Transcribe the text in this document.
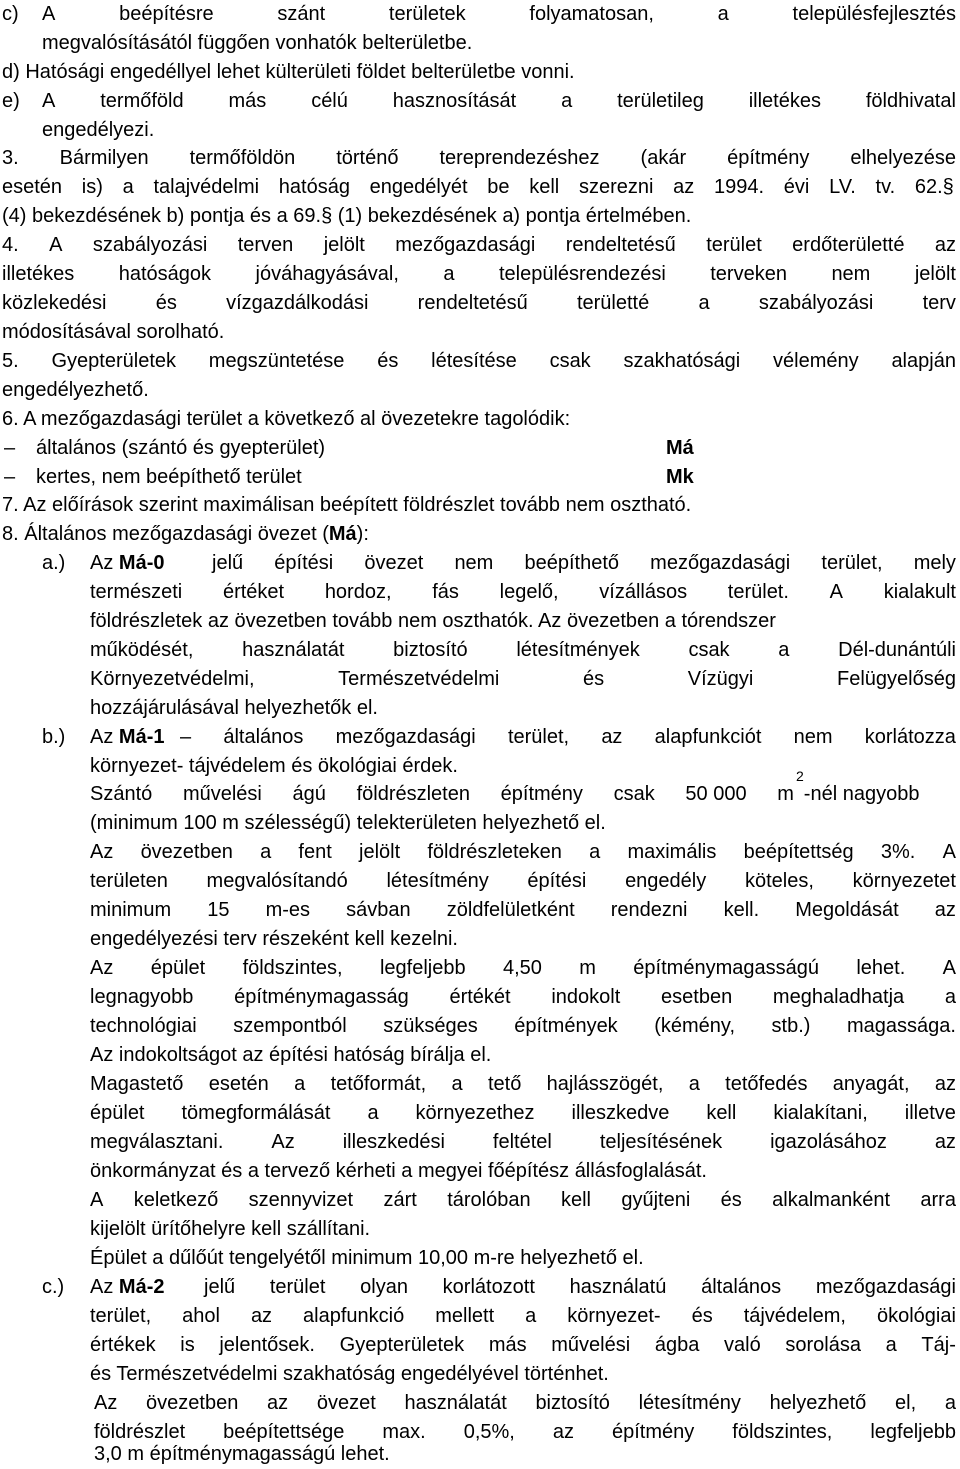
c) A	beépítésre	szánt	területek	folyamatosan,	a	településfejlesztés
megvalósításától függően vonhatók belterületbe.
d) Hatósági engedéllyel lehet külterületi földet belterületbe vonni.
e) A termőföld más célú hasznosítását a területileg illetékes földhivatal
engedélyezi.
3. Bármilyen termőföldön történő tereprendezéshez (akár építmény elhelyezése
esetén is) a talajvédelmi hatóság engedélyét be kell szerezni az 1994. évi LV. tv. 62.§
(4) bekezdésének b) pontja és a 69.§ (1) bekezdésének a) pontja értelmében.
4. A szabályozási terven jelölt mezőgazdasági rendeltetésű terület erdőterületté az
illetékes hatóságok jóváhagyásával, a településrendezési terveken nem jelölt
közlekedési és vízgazdálkodási rendeltetésű területté a szabályozási terv
módosításával sorolható.
5. Gyepterületek megszüntetése és létesítése csak szakhatósági vélemény alapján
engedélyezhető.
6. A mezőgazdasági terület a következő al övezetekre tagolódik:
– általános (szántó és gyepterület)	Má
– kertes, nem beépíthető terület	Mk
7. Az előírások szerint maximálisan beépített földrészlet tovább nem osztható.
8. Általános mezőgazdasági övezet (Má):
a.) Az Má-0 jelű építési övezet nem beépíthető mezőgazdasági terület, mely
természeti értéket hordoz, fás legelő, vízállásos terület. A kialakult
földrészletek az övezetben tovább nem oszthatók. Az övezetben a tórendszer
működését, használatát biztosító létesítmények csak a Dél-dunántúli
Környezetvédelmi,	Természetvédelmi	és	Vízügyi	Felügyelőség
hozzájárulásával helyezhetők el.
b.) Az Má-1 – általános mezőgazdasági terület, az alapfunkciót nem korlátozza
környezet- tájvédelem és ökológiai érdek.
Szántó művelési ágú földrészleten építmény csak 50 000 m
$^2$-nél nagyobb
(minimum 100 m szélességű) telekterületen helyezhető el.
Az övezetben a fent jelölt földrészleteken a maximális beépítettség 3%. A
területen megvalósítandó létesítmény építési engedély köteles, környezetet
minimum 15 m-es sávban zöldfelületként rendezni kell. Megoldását az
engedélyezési terv részeként kell kezelni.
Az épület földszintes, legfeljebb 4,50 m építménymagasságú lehet. A
legnagyobb építménymagasság értékét indokolt esetben meghaladhatja a
technológiai szempontból szükséges építmények (kémény, stb.) magassága.
Az indokoltságot az építési hatóság bírálja el.
Magastető esetén a tetőformát, a tető hajlásszögét, a tetőfedés anyagát, az
épület tömegformálását a környezethez illeszkedve kell kialakítani, illetve
megválasztani. Az illeszkedési feltétel teljesítésének igazolásához az
önkormányzat és a tervező kérheti a megyei főépítész állásfoglalását.
A keletkező szennyvizet zárt tárolóban kell gyűjteni és alkalmanként arra
kijelölt ürítőhelyre kell szállítani.
Épület a dűlőút tengelyétől minimum 10,00 m-re helyezhető el.
c.) Az Má-2 jelű terület olyan korlátozott használatú általános mezőgazdasági
terület, ahol az alapfunkció mellett a környezet- és tájvédelem, ökológiai
értékek is jelentősek. Gyepterületek más művelési ágba való sorolása a Táj-
és Természetvédelmi szakhatóság engedélyével történhet.
Az övezetben az övezet használatát biztosító létesítmény helyezhető el, a
földrészlet beépítettsége max. 0,5%, az építmény földszintes, legfeljebb
3,0 m építménymagasságú lehet.
